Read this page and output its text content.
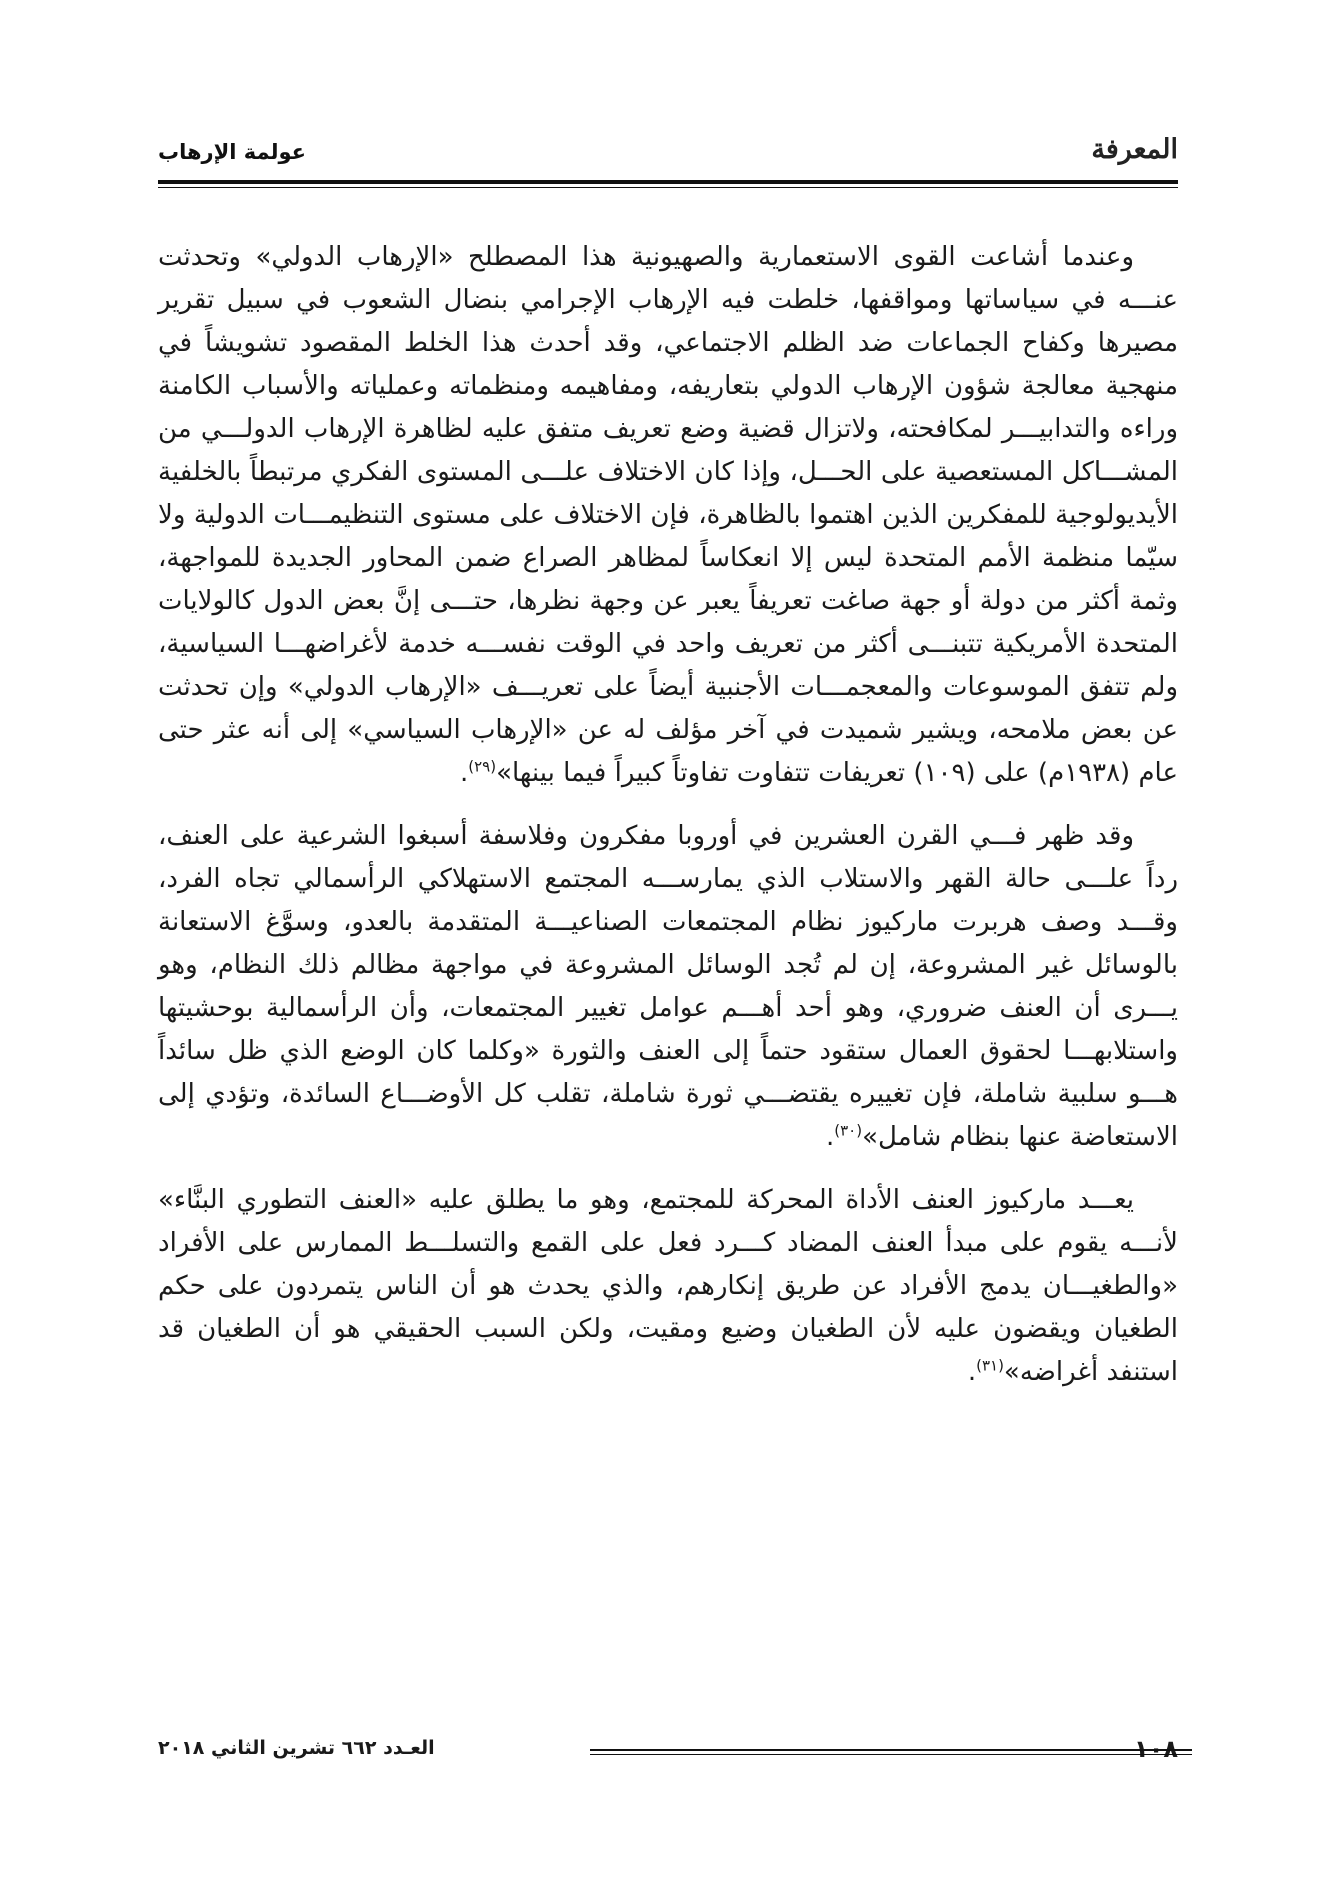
المعرفة
عولمة الإرهاب

وعندما أشاعت القوى الاستعمارية والصهيونية هذا المصطلح «الإرهاب الدولي» وتحدثت عنـــه في سياساتها ومواقفها، خلطت فيه الإرهاب الإجرامي بنضال الشعوب في سبيل تقرير مصيرها وكفاح الجماعات ضد الظلم الاجتماعي، وقد أحدث هذا الخلط المقصود تشويشاً في منهجية معالجة شؤون الإرهاب الدولي بتعاريفه، ومفاهيمه ومنظماته وعملياته والأسباب الكامنة وراءه والتدابيـــر لمكافحته، ولاتزال قضية وضع تعريف متفق عليه لظاهرة الإرهاب الدولـــي من المشـــاكل المستعصية على الحـــل، وإذا كان الاختلاف علـــى المستوى الفكري مرتبطاً بالخلفية الأيديولوجية للمفكرين الذين اهتموا بالظاهرة، فإن الاختلاف على مستوى التنظيمـــات الدولية ولا سيّما منظمة الأمم المتحدة ليس إلا انعكاساً لمظاهر الصراع ضمن المحاور الجديدة للمواجهة، وثمة أكثر من دولة أو جهة صاغت تعريفاً يعبر عن وجهة نظرها، حتـــى إنَّ بعض الدول كالولايات المتحدة الأمريكية تتبنـــى أكثر من تعريف واحد في الوقت نفســـه خدمة لأغراضهـــا السياسية، ولم تتفق الموسوعات والمعجمـــات الأجنبية أيضاً على تعريـــف «الإرهاب الدولي» وإن تحدثت عن بعض ملامحه، ويشير شميدت في آخر مؤلف له عن «الإرهاب السياسي» إلى أنه عثر حتى عام (١٩٣٨م) على (١٠٩) تعريفات تتفاوت تفاوتاً كبيراً فيما بينها»$^{(٢٩)}$.

وقد ظهر فـــي القرن العشرين في أوروبا مفكرون وفلاسفة أسبغوا الشرعية على العنف، رداً علـــى حالة القهر والاستلاب الذي يمارســـه المجتمع الاستهلاكي الرأسمالي تجاه الفرد، وقـــد وصف هربرت ماركيوز نظام المجتمعات الصناعيـــة المتقدمة بالعدو، وسوَّغ الاستعانة بالوسائل غير المشروعة، إن لم تُجد الوسائل المشروعة في مواجهة مظالم ذلك النظام، وهو يـــرى أن العنف ضروري، وهو أحد أهـــم عوامل تغيير المجتمعات، وأن الرأسمالية بوحشيتها واستلابهـــا لحقوق العمال ستقود حتماً إلى العنف والثورة «وكلما كان الوضع الذي ظل سائداً هـــو سلبية شاملة، فإن تغييره يقتضـــي ثورة شاملة، تقلب كل الأوضـــاع السائدة، وتؤدي إلى الاستعاضة عنها بنظام شامل»$^{(٣٠)}$.

يعـــد ماركيوز العنف الأداة المحركة للمجتمع، وهو ما يطلق عليه «العنف التطوري البنَّاء» لأنـــه يقوم على مبدأ العنف المضاد كـــرد فعل على القمع والتسلـــط الممارس على الأفراد «والطغيـــان يدمج الأفراد عن طريق إنكارهم، والذي يحدث هو أن الناس يتمردون على حكم الطغيان ويقضون عليه لأن الطغيان وضيع ومقيت، ولكن السبب الحقيقي هو أن الطغيان قد استنفد أغراضه»$^{(٣١)}$.

١٠٨
العـدد ٦٦٢ تشرين الثاني ٢٠١٨
